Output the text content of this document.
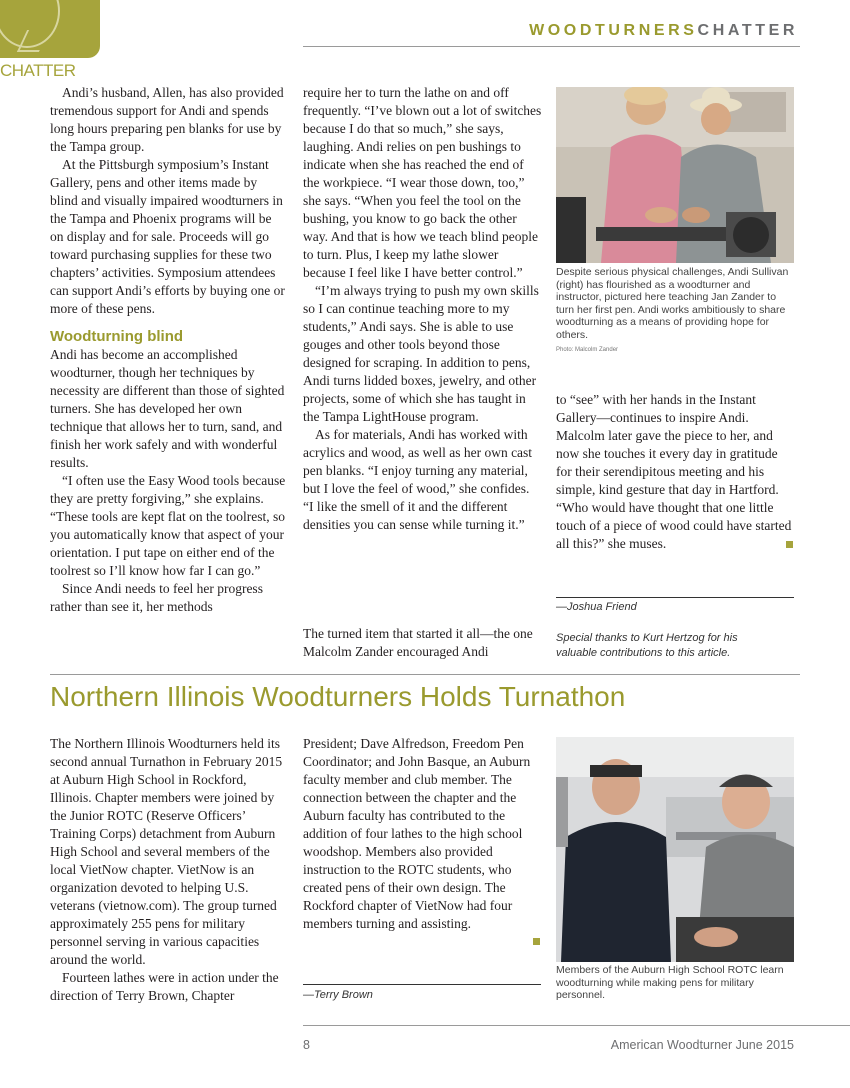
CHATTER
WOODTURNERSCHATTER

Andi’s husband, Allen, has also provided tremendous support for Andi and spends long hours preparing pen blanks for use by the Tampa group.

At the Pittsburgh symposium’s Instant Gallery, pens and other items made by blind and visually impaired woodturners in the Tampa and Phoenix programs will be on display and for sale. Proceeds will go toward purchasing supplies for these two chapters’ activities. Symposium attendees can support Andi’s efforts by buying one or more of these pens.

Woodturning blind

Andi has become an accomplished woodturner, though her techniques by necessity are different than those of sighted turners. She has developed her own technique that allows her to turn, sand, and finish her work safely and with wonderful results.

“I often use the Easy Wood tools because they are pretty forgiving,” she explains. “These tools are kept flat on the toolrest, so you automatically know that aspect of your orientation. I put tape on either end of the toolrest so I’ll know how far I can go.”

Since Andi needs to feel her progress rather than see it, her methods

require her to turn the lathe on and off frequently. “I’ve blown out a lot of switches because I do that so much,” she says, laughing. Andi relies on pen bushings to indicate when she has reached the end of the workpiece. “I wear those down, too,” she says. “When you feel the tool on the bushing, you know to go back the other way. And that is how we teach blind people to turn. Plus, I keep my lathe slower because I feel like I have better control.”

“I’m always trying to push my own skills so I can continue teaching more to my students,” Andi says. She is able to use gouges and other tools beyond those designed for scraping. In addition to pens, Andi turns lidded boxes, jewelry, and other projects, some of which she has taught in the Tampa LightHouse program.

As for materials, Andi has worked with acrylics and wood, as well as her own cast pen blanks. “I enjoy turning any material, but I love the feel of wood,” she confides. “I like the smell of it and the different densities you can sense while turning it.”

The turned item that started it all—the one Malcolm Zander encouraged Andi

Despite serious physical challenges, Andi Sullivan (right) has flourished as a woodturner and instructor, pictured here teaching Jan Zander to turn her first pen. Andi works ambitiously to share woodturning as a means of providing hope for others.
Photo: Malcolm Zander

to “see” with her hands in the Instant Gallery—continues to inspire Andi. Malcolm later gave the piece to her, and now she touches it every day in gratitude for their serendipitous meeting and his simple, kind gesture that day in Hartford. “Who would have thought that one little touch of a piece of wood could have started all this?” she muses.

—Joshua Friend
Special thanks to Kurt Hertzog for his valuable contributions to this article.
Northern Illinois Woodturners Holds Turnathon

The Northern Illinois Woodturners held its second annual Turnathon in February 2015 at Auburn High School in Rockford, Illinois. Chapter members were joined by the Junior ROTC (Reserve Officers’ Training Corps) detachment from Auburn High School and several members of the local VietNow chapter. VietNow is an organization devoted to helping U.S. veterans (vietnow.com). The group turned approximately 255 pens for military personnel serving in various capacities around the world.

Fourteen lathes were in action under the direction of Terry Brown, Chapter

President; Dave Alfredson, Freedom Pen Coordinator; and John Basque, an Auburn faculty member and club member. The connection between the chapter and the Auburn faculty has contributed to the addition of four lathes to the high school woodshop. Members also provided instruction to the ROTC students, who created pens of their own design. The Rockford chapter of VietNow had four members turning and assisting.

—Terry Brown
Members of the Auburn High School ROTC learn woodturning while making pens for military personnel.
8	American Woodturner June 2015
